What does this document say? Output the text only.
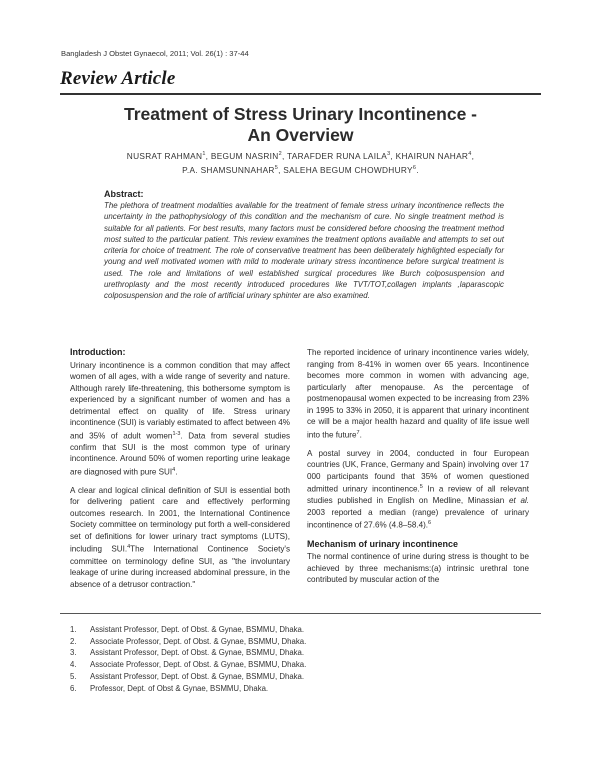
Bangladesh J Obstet Gynaecol, 2011; Vol. 26(1) : 37-44
Review Article
Treatment of Stress Urinary Incontinence -
An Overview
NUSRAT RAHMAN$^1$, BEGUM NASRIN$^2$, TARAFDER RUNA LAILA$^3$, KHAIRUN NAHAR$^4$,
P.A. SHAMSUNNAHAR$^5$, SALEHA BEGUM CHOWDHURY$^6$.
Abstract:
The plethora of treatment modalities available for the treatment of female stress urinary incontinence reflects the uncertainty in the pathophysiology of this condition and the mechanism of cure. No single treatment method is suitable for all patients. For best results, many factors must be considered before choosing the treatment method most suited to the particular patient. This review examines the treatment options available and attempts to set out criteria for choice of treatment. The role of conservative treatment has been deliberately highlighted especially for young and well motivated women with mild to moderate urinary stress incontinence before surgical treatment is used. The role and limitations of well established surgical procedures like Burch colposuspension and urethroplasty and the most recently introduced procedures like TVT/TOT,collagen implants ,laparascopic colposuspension and the role of artificial urinary sphinter are also examined.
Introduction:

Urinary incontinence is a common condition that may affect women of all ages, with a wide range of severity and nature. Although rarely life-threatening, this bothersome symptom is experienced by a significant number of women and has a detrimental effect on quality of life. Stress urinary incontinence (SUI) is variably estimated to affect between 4% and 35% of adult women$^{1-3}$. Data from several studies confirm that SUI is the most common type of urinary incontinence. Around 50% of women reporting urine leakage are diagnosed with pure SUI$^4$.

A clear and logical clinical definition of SUI is essential both for delivering patient care and effectively performing outcomes research. In 2001, the International Continence Society committee on terminology put forth a well-considered set of definitions for lower urinary tract symptoms (LUTS), including SUI.$^4$The International Continence Society's committee on terminology define SUI, as "the involuntary leakage of urine during increased abdominal pressure, in the absence of a detrusor contraction."

The reported incidence of urinary incontinence varies widely, ranging from 8-41% in women over 65 years. Incontinence becomes more common in women with advancing age, particularly after menopause. As the percentage of postmenopausal women expected to be increasing from 23% in 1995 to 33% in 2050, it is apparent that urinary incontinent ce will be a major health hazard and quality of life issue well into the future$^7$.

A postal survey in 2004, conducted in four European countries (UK, France, Germany and Spain) involving over 17 000 participants found that 35% of women questioned admitted urinary incontinence.$^5$ In a review of all relevant studies published in English on Medline, Minassian et al. 2003 reported a median (range) prevalence of urinary incontinence of 27.6% (4.8–58.4).$^6$

Mechanism of urinary incontinence

The normal continence of urine during stress is thought to be achieved by three mechanisms:(a) intrinsic urethral tone contributed by muscular action of the

1.	Assistant Professor, Dept. of Obst. & Gynae, BSMMU, Dhaka.
2.	Associate Professor, Dept. of Obst. & Gynae, BSMMU, Dhaka.
3.	Assistant Professor, Dept. of Obst. & Gynae, BSMMU, Dhaka.
4.	Associate Professor, Dept. of Obst. & Gynae, BSMMU, Dhaka.
5.	Assistant Professor, Dept. of Obst. & Gynae, BSMMU, Dhaka.
6.	Professor, Dept. of Obst & Gynae, BSMMU, Dhaka.
